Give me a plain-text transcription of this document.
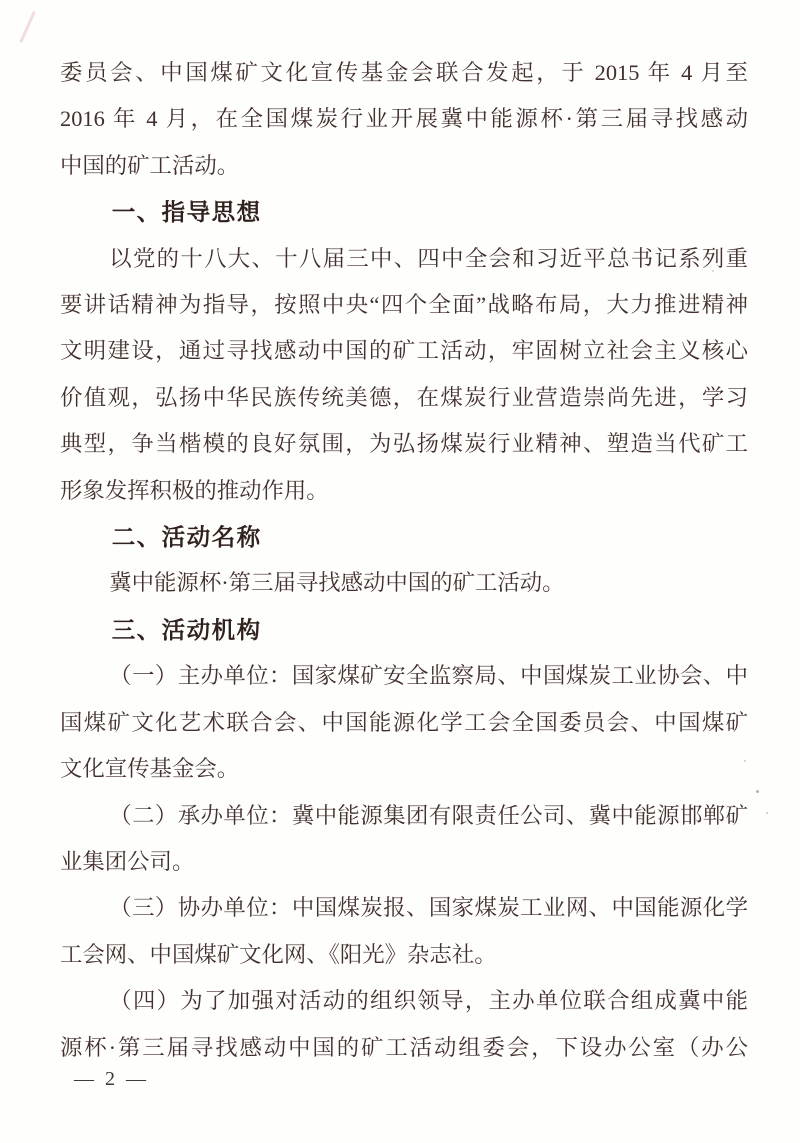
委员会、中国煤矿文化宣传基金会联合发起，于 2015 年 4 月至
2016 年 4 月，在全国煤炭行业开展冀中能源杯·第三届寻找感动
中国的矿工活动。
一、指导思想
以党的十八大、十八届三中、四中全会和习近平总书记系列重
要讲话精神为指导，按照中央“四个全面”战略布局，大力推进精神
文明建设，通过寻找感动中国的矿工活动，牢固树立社会主义核心
价值观，弘扬中华民族传统美德，在煤炭行业营造崇尚先进，学习
典型，争当楷模的良好氛围，为弘扬煤炭行业精神、塑造当代矿工
形象发挥积极的推动作用。
二、活动名称
冀中能源杯·第三届寻找感动中国的矿工活动。
三、活动机构
（一）主办单位：国家煤矿安全监察局、中国煤炭工业协会、中
国煤矿文化艺术联合会、中国能源化学工会全国委员会、中国煤矿
文化宣传基金会。
（二）承办单位：冀中能源集团有限责任公司、冀中能源邯郸矿
业集团公司。
（三）协办单位：中国煤炭报、国家煤炭工业网、中国能源化学
工会网、中国煤矿文化网、《阳光》杂志社。
（四）为了加强对活动的组织领导，主办单位联合组成冀中能
源杯·第三届寻找感动中国的矿工活动组委会，下设办公室（办公
— 2 —
